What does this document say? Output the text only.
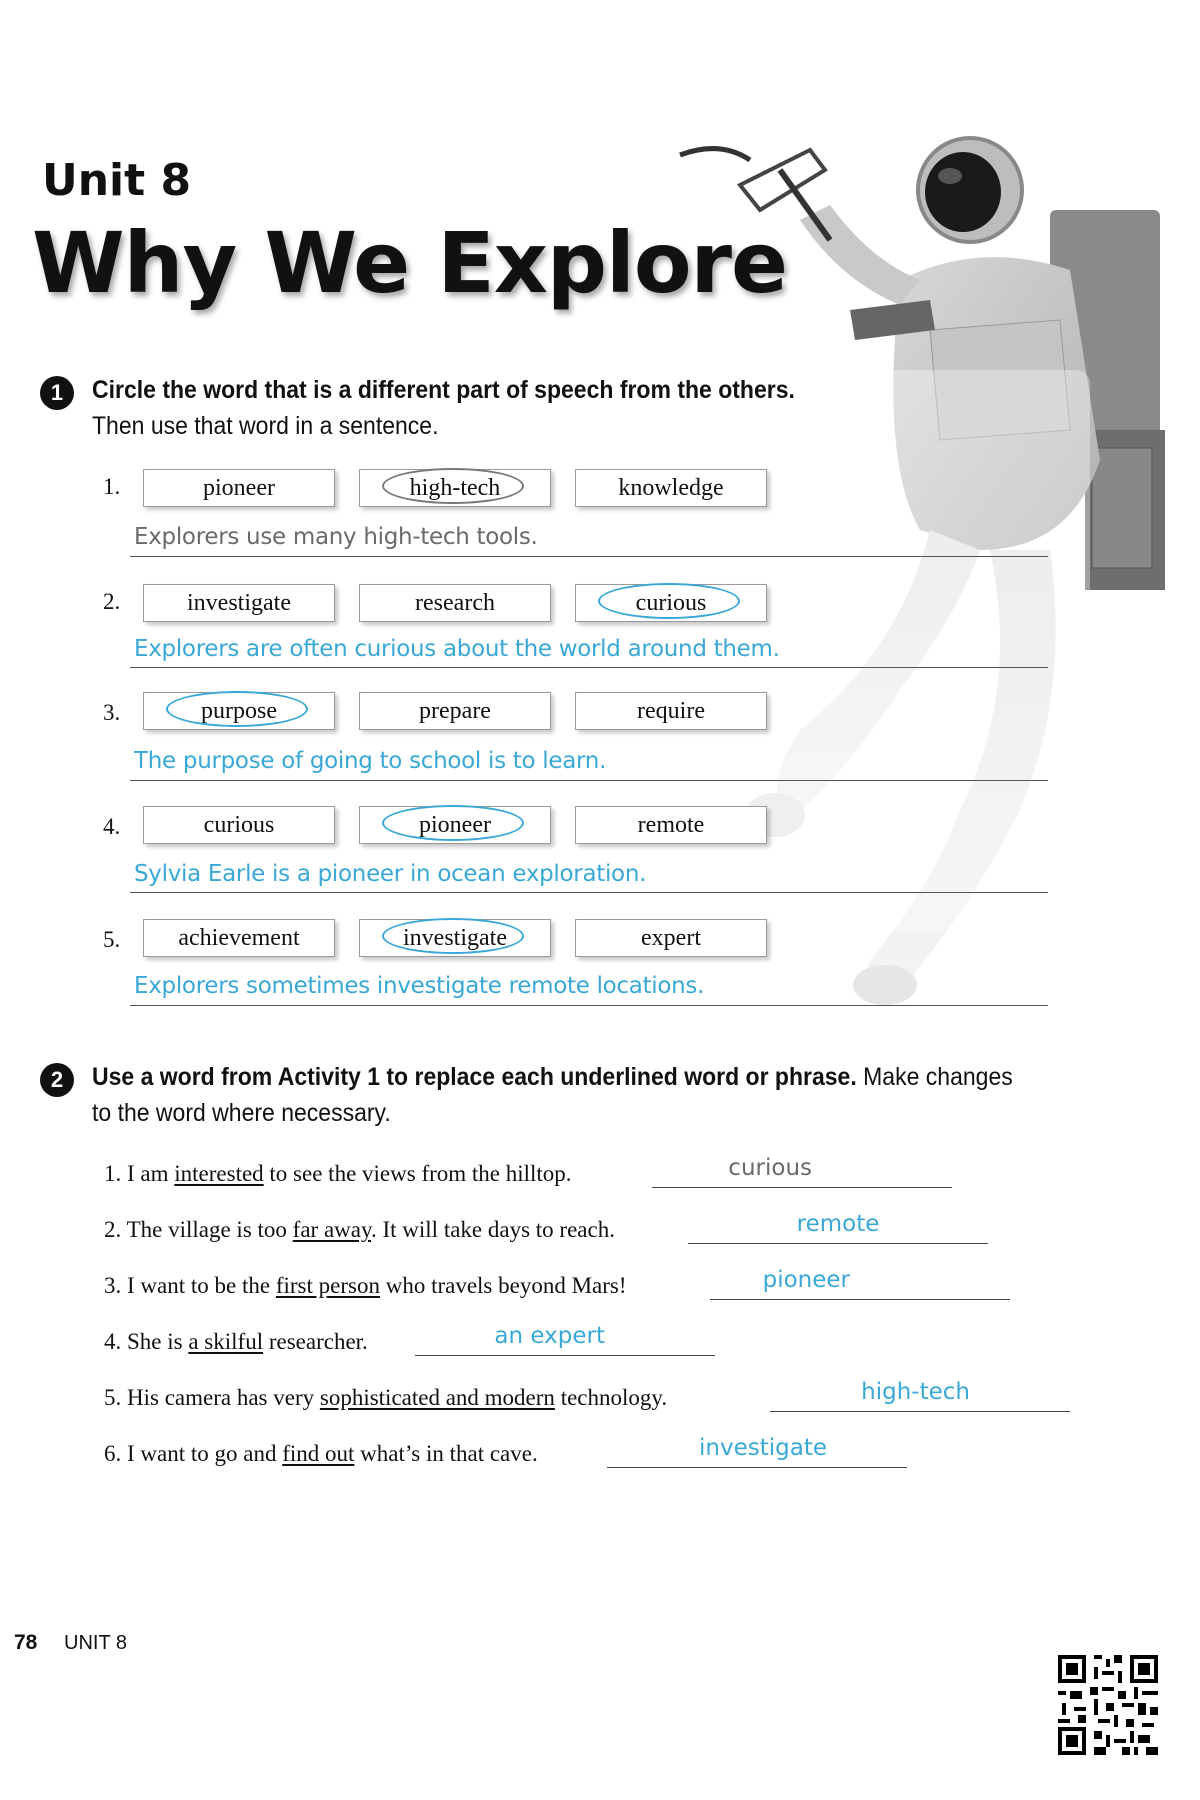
Unit 8
Why We Explore
1	Circle the word that is a different part of speech from the others.
Then use that word in a sentence.
1.	pioneer	high-tech	knowledge
Explorers use many high-tech tools.
2.	investigate	research	curious
Explorers are often curious about the world around them.
3.	purpose	prepare	require
The purpose of going to school is to learn.
4.	curious	pioneer	remote
Sylvia Earle is a pioneer in ocean exploration.
5.	achievement	investigate	expert
Explorers sometimes investigate remote locations.
2	Use a word from Activity 1 to replace each underlined word or phrase. Make changes
to the word where necessary.
1. I am interested to see the views from the hilltop.	curious
2. The village is too far away. It will take days to reach.	remote
3. I want to be the first person who travels beyond Mars!	pioneer
4. She is a skilful researcher.	an expert
5. His camera has very sophisticated and modern technology.	high-tech
6. I want to go and find out what’s in that cave.	investigate
78 UNIT 8
